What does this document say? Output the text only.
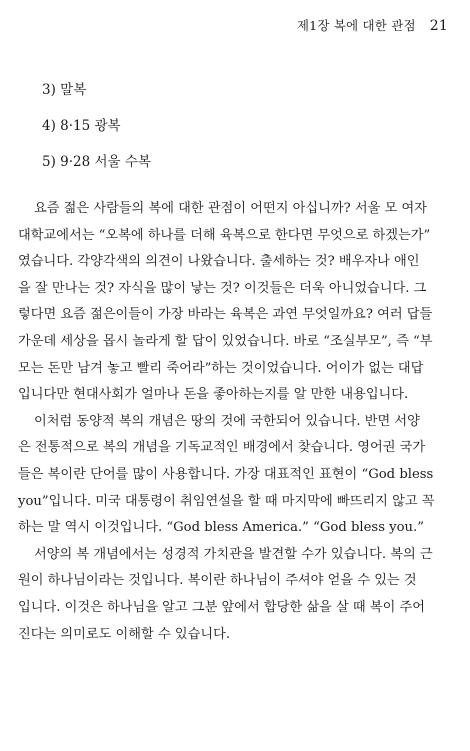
제1장 복에 대한 관점 21
3) 말복
4) 8·15 광복
5) 9·28 서울 수복
요즘 젊은 사람들의 복에 대한 관점이 어떤지 아십니까? 서울 모 여자
대학교에서는 “오복에 하나를 더해 육복으로 한다면 무엇으로 하겠는가”
였습니다. 각양각색의 의견이 나왔습니다. 출세하는 것? 배우자나 애인
을 잘 만나는 것? 자식을 많이 낳는 것? 이것들은 더욱 아니었습니다. 그
렇다면 요즘 젊은이들이 가장 바라는 육복은 과연 무엇일까요? 여러 답들
가운데 세상을 몹시 놀라게 할 답이 있었습니다. 바로 “조실부모”, 즉 “부
모는 돈만 남겨 놓고 빨리 죽어라”하는 것이었습니다. 어이가 없는 대답
입니다만 현대사회가 얼마나 돈을 좋아하는지를 알 만한 내용입니다.
이처럼 동양적 복의 개념은 땅의 것에 국한되어 있습니다. 반면 서양
은 전통적으로 복의 개념을 기독교적인 배경에서 찾습니다. 영어권 국가
들은 복이란 단어를 많이 사용합니다. 가장 대표적인 표현이 “God bless
you”입니다. 미국 대통령이 취임연설을 할 때 마지막에 빠뜨리지 않고 꼭
하는 말 역시 이것입니다. “God bless America.” “God bless you.”
서양의 복 개념에서는 성경적 가치관을 발견할 수가 있습니다. 복의 근
원이 하나님이라는 것입니다. 복이란 하나님이 주셔야 얻을 수 있는 것
입니다. 이것은 하나님을 알고 그분 앞에서 합당한 삶을 살 때 복이 주어
진다는 의미로도 이해할 수 있습니다.
